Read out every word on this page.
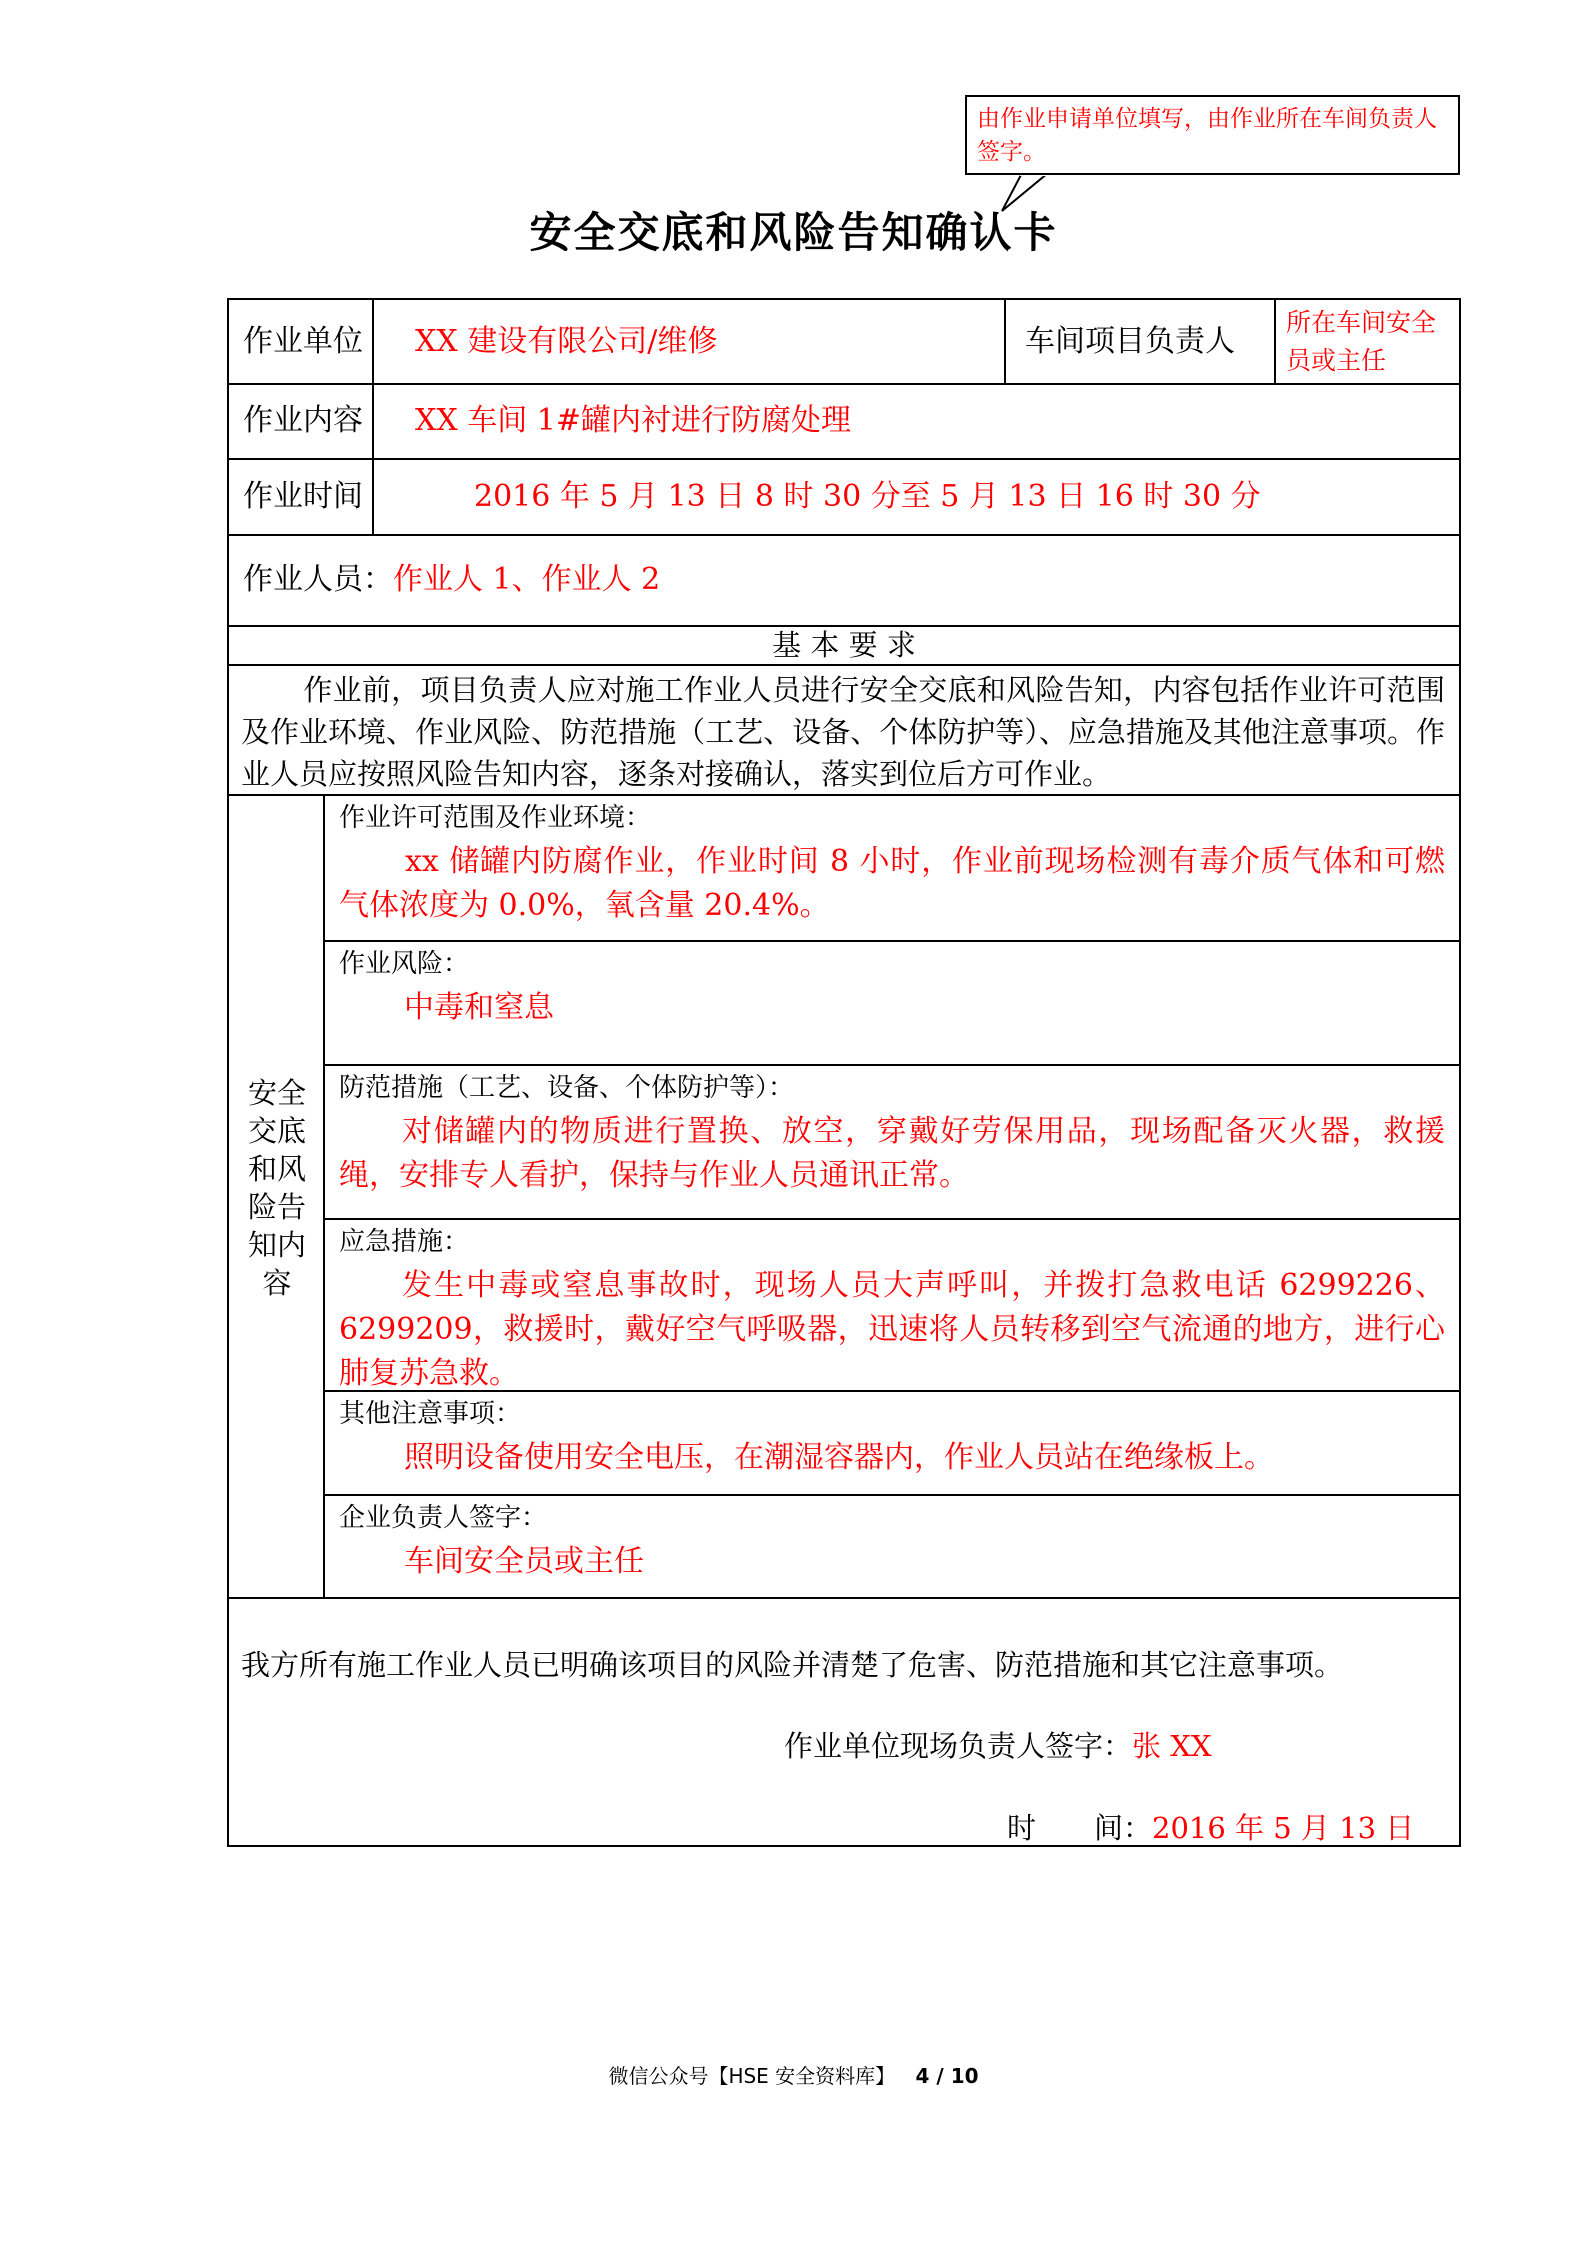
由作业申请单位填写，由作业所在车间负责人签字。
安全交底和风险告知确认卡
作业单位 XX 建设有限公司/维修	车间项目负责人
所在车间安全员或主任
作业内容 XX 车间 1#罐内衬进行防腐处理
作业时间	2016 年 5 月 13 日 8 时 30 分至 5 月 13 日 16 时 30 分
作业人员：作业人 1、作业人 2
基 本 要 求
作业前，项目负责人应对施工作业人员进行安全交底和风险告知，内容包括作业许可范围及作业环境、作业风险、防范措施（工艺、设备、个体防护等）、应急措施及其他注意事项。作业人员应按照风险告知内容，逐条对接确认，落实到位后方可作业。
安全交底和风险告知内容
作业许可范围及作业环境：
xx 储罐内防腐作业，作业时间 8 小时，作业前现场检测有毒介质气体和可燃气体浓度为 0.0%，氧含量 20.4%。
作业风险：
中毒和窒息
防范措施（工艺、设备、个体防护等）：
对储罐内的物质进行置换、放空，穿戴好劳保用品，现场配备灭火器，救援绳，安排专人看护，保持与作业人员通讯正常。
应急措施：
发生中毒或窒息事故时，现场人员大声呼叫，并拨打急救电话 6299226、6299209，救援时，戴好空气呼吸器，迅速将人员转移到空气流通的地方，进行心肺复苏急救。
其他注意事项：
照明设备使用安全电压，在潮湿容器内，作业人员站在绝缘板上。
企业负责人签字：
车间安全员或主任
我方所有施工作业人员已明确该项目的风险并清楚了危害、防范措施和其它注意事项。
作业单位现场负责人签字：张 XX
时　　间：2016 年 5 月 13 日
微信公众号【HSE 安全资料库】 4 / 10
